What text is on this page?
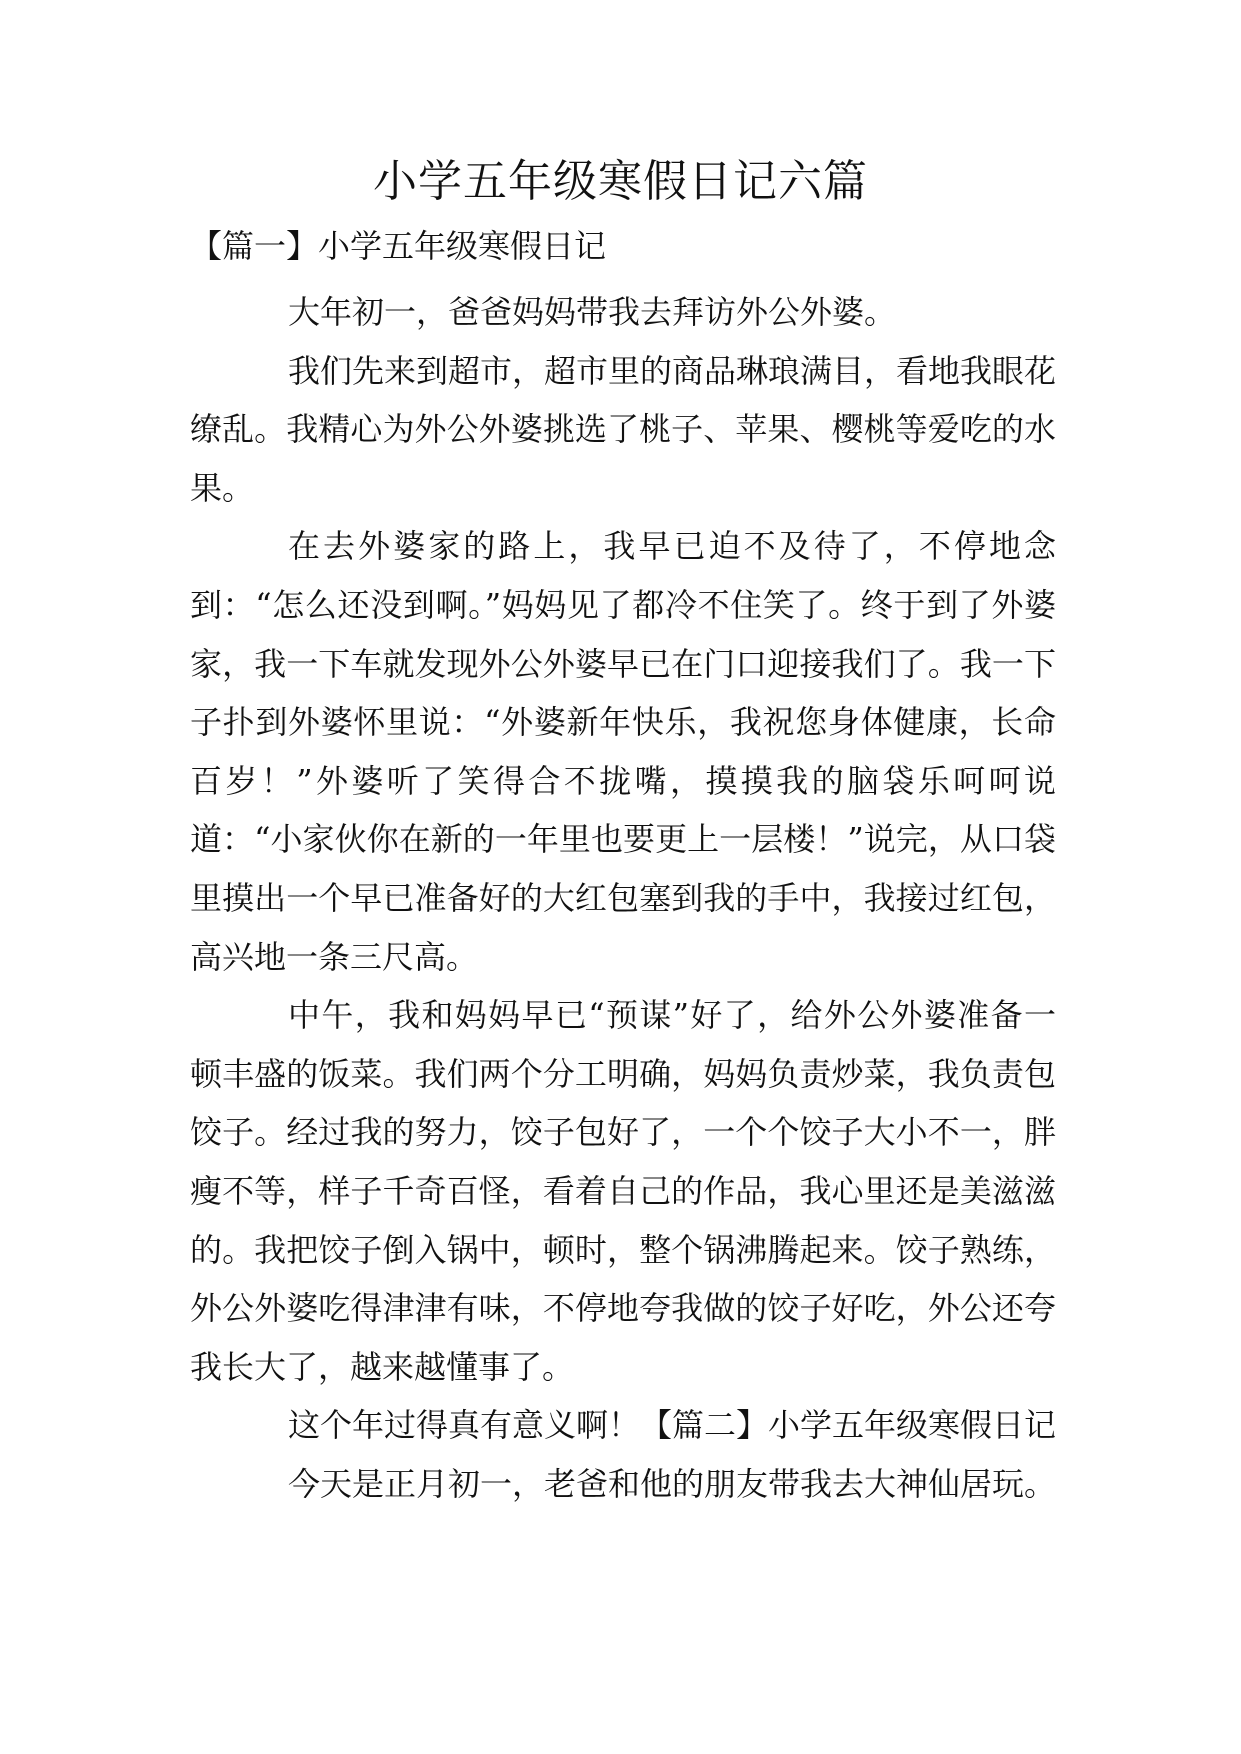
小学五年级寒假日记六篇
【篇一】小学五年级寒假日记

大年初一，爸爸妈妈带我去拜访外公外婆。

我们先来到超市，超市里的商品琳琅满目，看地我眼花缭乱。我精心为外公外婆挑选了桃子、苹果、樱桃等爱吃的水果。

在去外婆家的路上，我早已迫不及待了，不停地念到：“怎么还没到啊。”妈妈见了都冷不住笑了。终于到了外婆家，我一下车就发现外公外婆早已在门口迎接我们了。我一下子扑到外婆怀里说：“外婆新年快乐，我祝您身体健康，长命百岁！”外婆听了笑得合不拢嘴，摸摸我的脑袋乐呵呵说道：“小家伙你在新的一年里也要更上一层楼！”说完，从口袋里摸出一个早已准备好的大红包塞到我的手中，我接过红包，高兴地一条三尺高。

中午，我和妈妈早已“预谋”好了，给外公外婆准备一顿丰盛的饭菜。我们两个分工明确，妈妈负责炒菜，我负责包饺子。经过我的努力，饺子包好了，一个个饺子大小不一，胖瘦不等，样子千奇百怪，看着自己的作品，我心里还是美滋滋的。我把饺子倒入锅中，顿时，整个锅沸腾起来。饺子熟练，外公外婆吃得津津有味，不停地夸我做的饺子好吃，外公还夸我长大了，越来越懂事了。

这个年过得真有意义啊！【篇二】小学五年级寒假日记

今天是正月初一，老爸和他的朋友带我去大神仙居玩。
